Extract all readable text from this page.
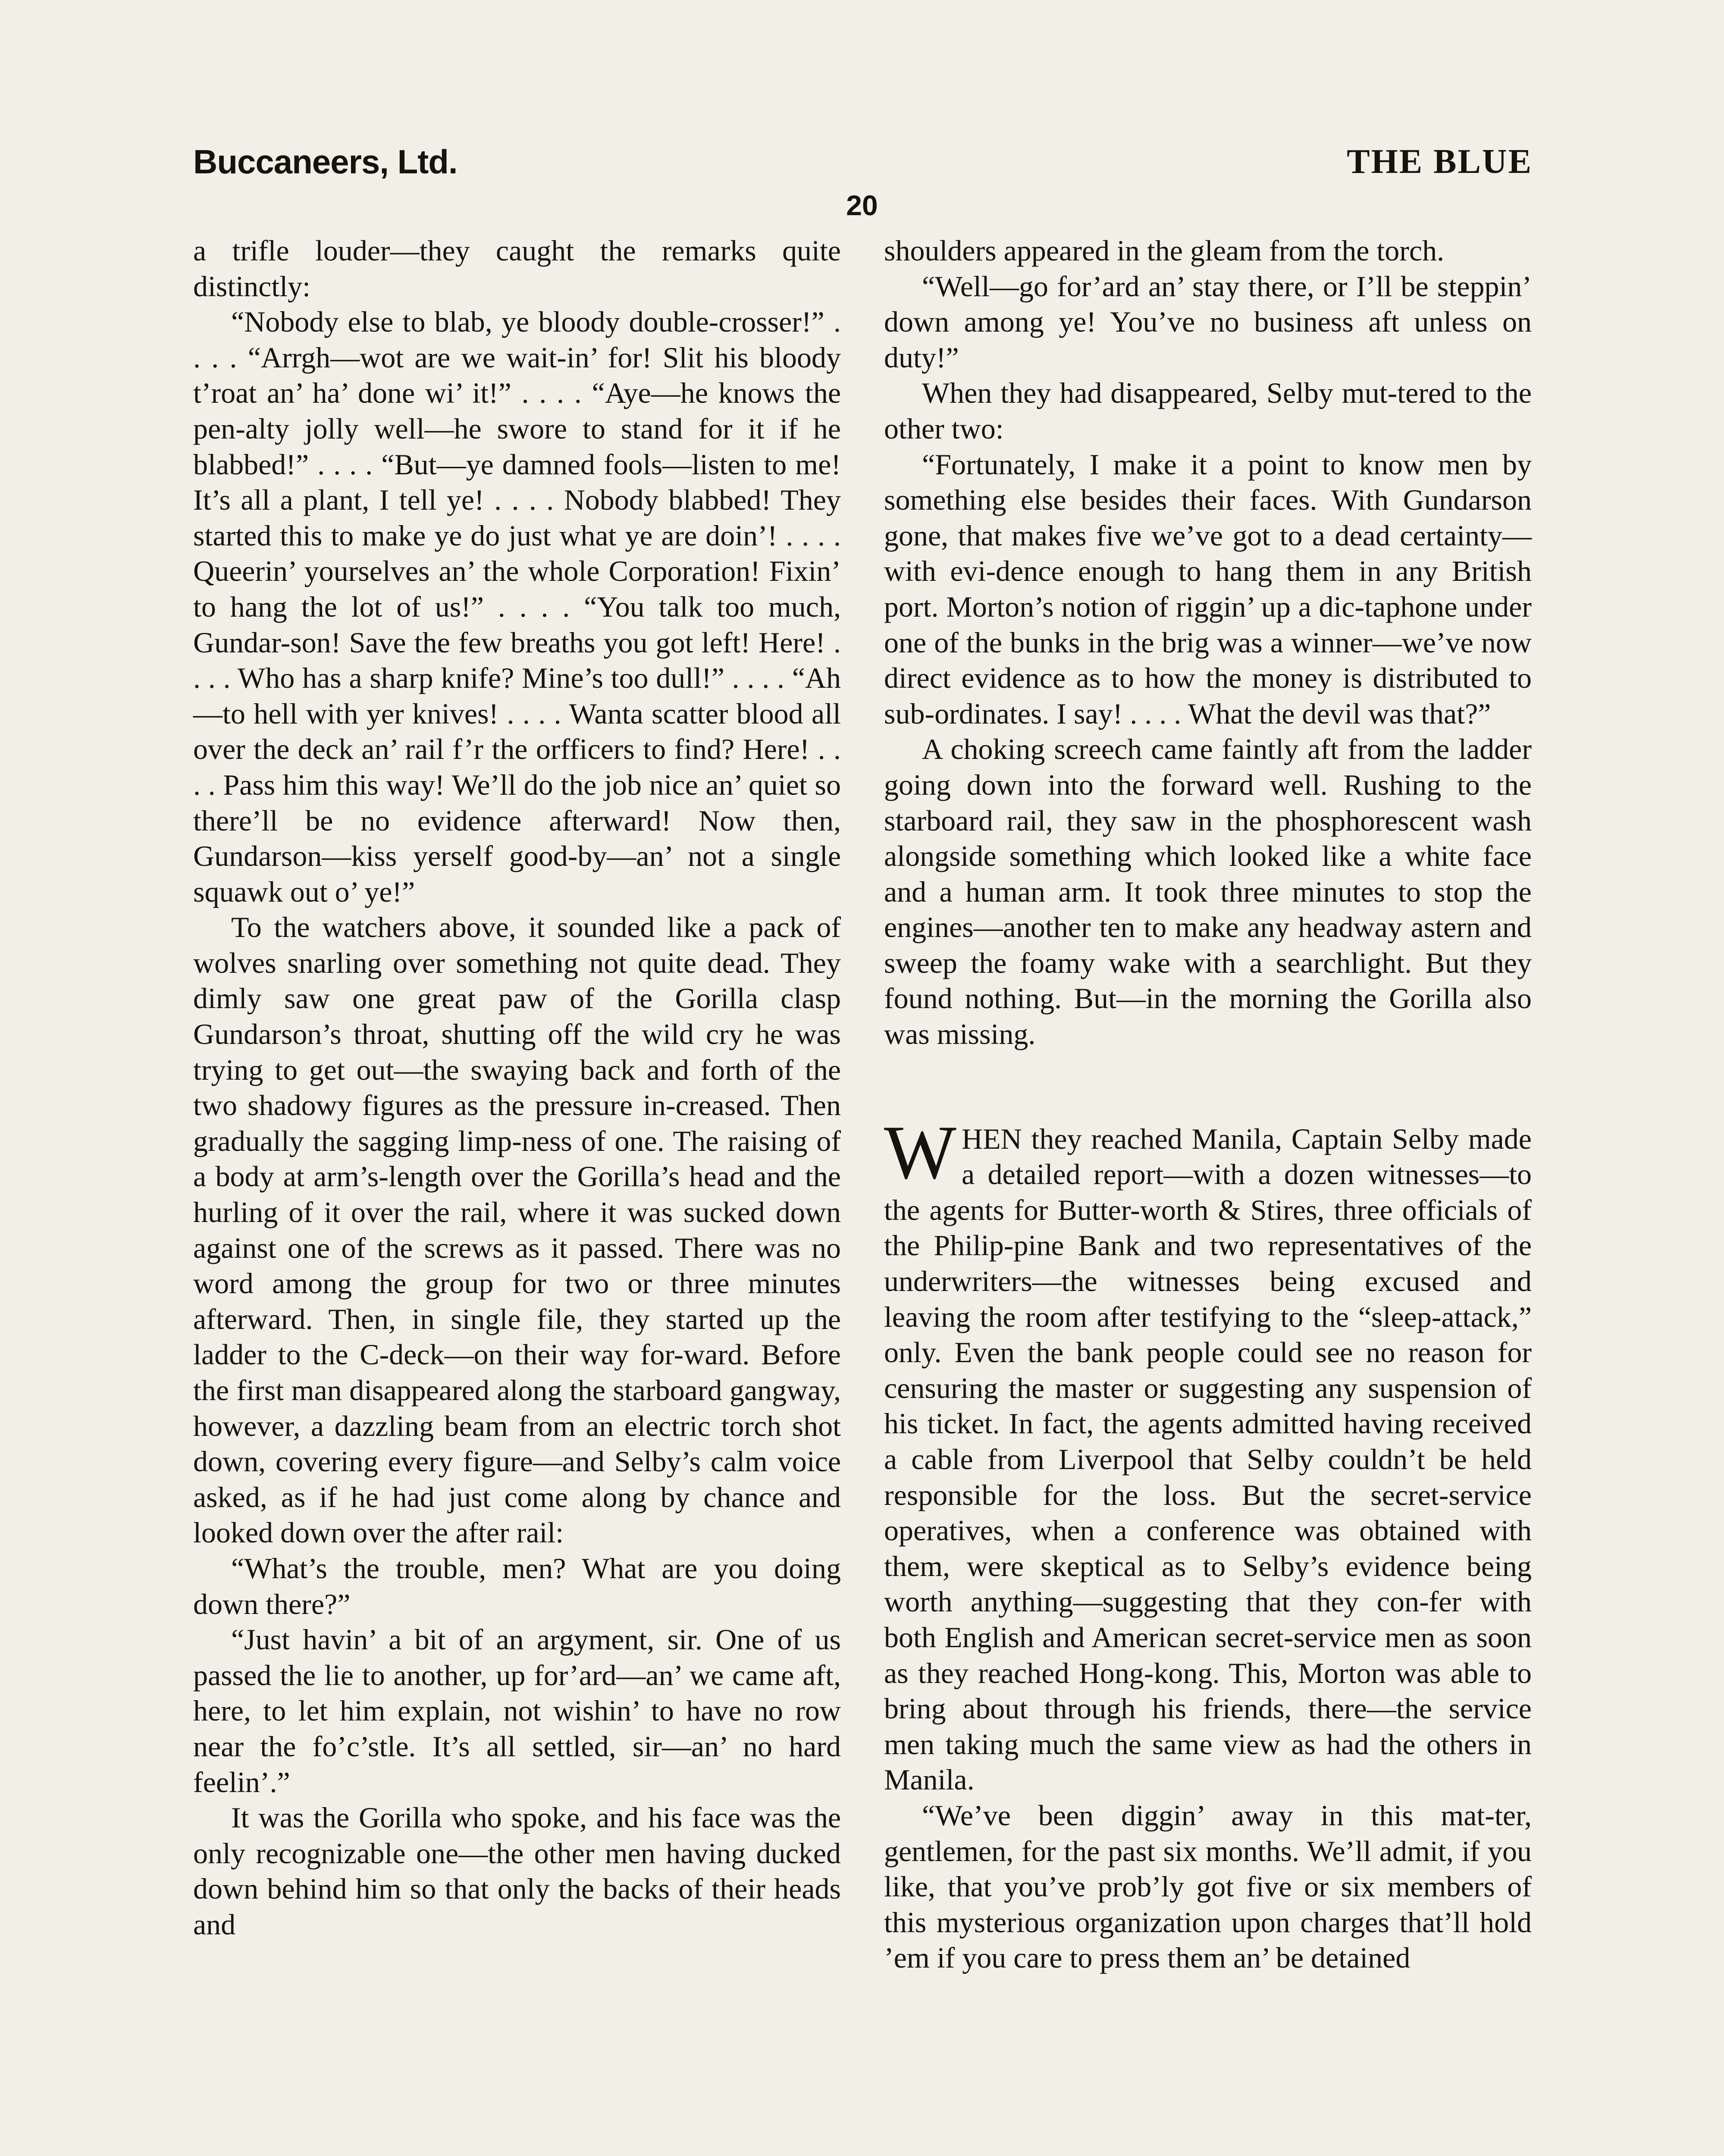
Buccaneers, Ltd.	THE BLUE
20

a trifle louder—they caught the remarks quite distinctly:

“Nobody else to blab, ye bloody double-crosser!” . . . . “Arrgh—wot are we wait-in’ for! Slit his bloody t’roat an’ ha’ done wi’ it!” . . . . “Aye—he knows the pen-alty jolly well—he swore to stand for it if he blabbed!” . . . . “But—ye damned fools—listen to me! It’s all a plant, I tell ye! . . . . Nobody blabbed! They started this to make ye do just what ye are doin’! . . . . Queerin’ yourselves an’ the whole Corporation! Fixin’ to hang the lot of us!” . . . . “You talk too much, Gundar-son! Save the few breaths you got left! Here! . . . . Who has a sharp knife? Mine’s too dull!” . . . . “Ah—to hell with yer knives! . . . . Wanta scatter blood all over the deck an’ rail f’r the orfficers to find? Here! . . . . Pass him this way! We’ll do the job nice an’ quiet so there’ll be no evidence afterward! Now then, Gundarson—kiss yerself good-by—an’ not a single squawk out o’ ye!”

To the watchers above, it sounded like a pack of wolves snarling over something not quite dead. They dimly saw one great paw of the Gorilla clasp Gundarson’s throat, shutting off the wild cry he was trying to get out—the swaying back and forth of the two shadowy figures as the pressure in-creased. Then gradually the sagging limp-ness of one. The raising of a body at arm’s-length over the Gorilla’s head and the hurling of it over the rail, where it was sucked down against one of the screws as it passed. There was no word among the group for two or three minutes afterward. Then, in single file, they started up the ladder to the C-deck—on their way for-ward. Before the first man disappeared along the starboard gangway, however, a dazzling beam from an electric torch shot down, covering every figure—and Selby’s calm voice asked, as if he had just come along by chance and looked down over the after rail:

“What’s the trouble, men? What are you doing down there?”

“Just havin’ a bit of an argyment, sir. One of us passed the lie to another, up for’ard—an’ we came aft, here, to let him explain, not wishin’ to have no row near the fo’c’stle. It’s all settled, sir—an’ no hard feelin’.”

It was the Gorilla who spoke, and his face was the only recognizable one—the other men having ducked down behind him so that only the backs of their heads and

shoulders appeared in the gleam from the torch.

“Well—go for’ard an’ stay there, or I’ll be steppin’ down among ye! You’ve no business aft unless on duty!”

When they had disappeared, Selby mut-tered to the other two:

“Fortunately, I make it a point to know men by something else besides their faces. With Gundarson gone, that makes five we’ve got to a dead certainty—with evi-dence enough to hang them in any British port. Morton’s notion of riggin’ up a dic-taphone under one of the bunks in the brig was a winner—we’ve now direct evidence as to how the money is distributed to sub-ordinates. I say! . . . . What the devil was that?”

A choking screech came faintly aft from the ladder going down into the forward well. Rushing to the starboard rail, they saw in the phosphorescent wash alongside something which looked like a white face and a human arm. It took three minutes to stop the engines—another ten to make any headway astern and sweep the foamy wake with a searchlight. But they found nothing. But—in the morning the Gorilla also was missing.

WHEN they reached Manila, Captain Selby made a detailed report—with a dozen witnesses—to the agents for Butter-worth & Stires, three officials of the Philip-pine Bank and two representatives of the underwriters—the witnesses being excused and leaving the room after testifying to the “sleep-attack,” only. Even the bank people could see no reason for censuring the master or suggesting any suspension of his ticket. In fact, the agents admitted having received a cable from Liverpool that Selby couldn’t be held responsible for the loss. But the secret-service operatives, when a conference was obtained with them, were skeptical as to Selby’s evidence being worth anything—suggesting that they con-fer with both English and American secret-service men as soon as they reached Hong-kong. This, Morton was able to bring about through his friends, there—the service men taking much the same view as had the others in Manila.

“We’ve been diggin’ away in this mat-ter, gentlemen, for the past six months. We’ll admit, if you like, that you’ve prob’ly got five or six members of this mysterious organization upon charges that’ll hold ’em if you care to press them an’ be detained
